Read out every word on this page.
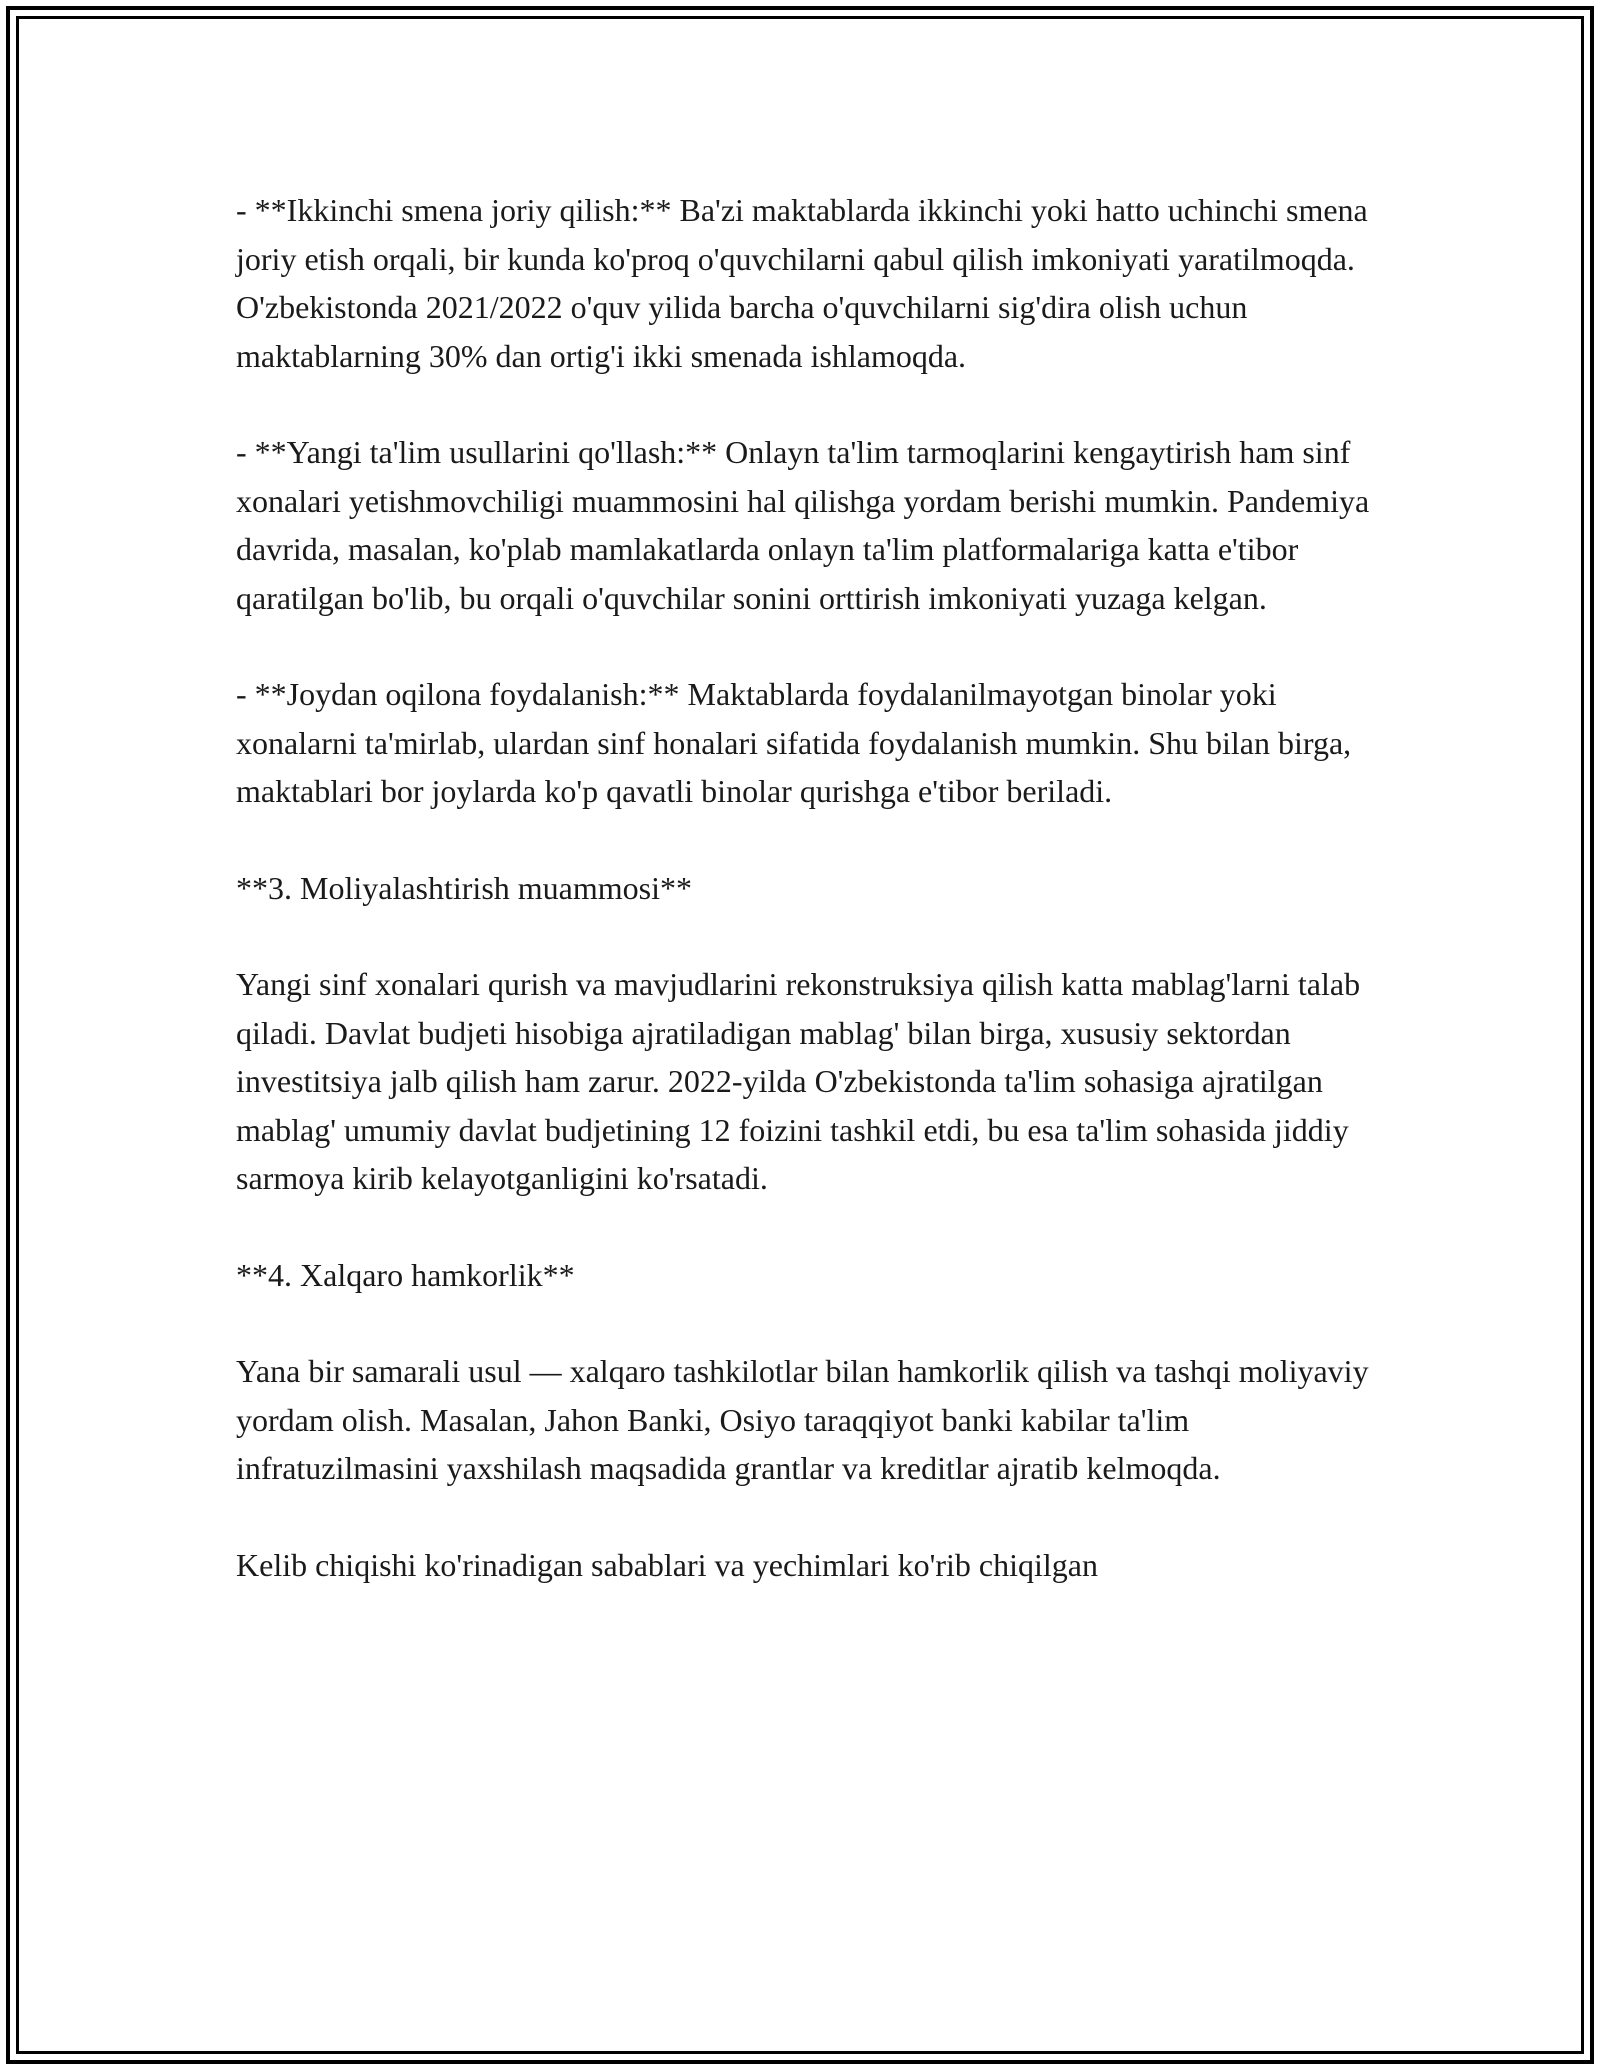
- **Ikkinchi smena joriy qilish:** Ba'zi maktablarda ikkinchi yoki hatto uchinchi smena joriy etish orqali, bir kunda ko'proq o'quvchilarni qabul qilish imkoniyati yaratilmoqda. O'zbekistonda 2021/2022 o'quv yilida barcha o'quvchilarni sig'dira olish uchun maktablarning 30% dan ortig'i ikki smenada ishlamoqda.

- **Yangi ta'lim usullarini qo'llash:** Onlayn ta'lim tarmoqlarini kengaytirish ham sinf xonalari yetishmovchiligi muammosini hal qilishga yordam berishi mumkin. Pandemiya davrida, masalan, ko'plab mamlakatlarda onlayn ta'lim platformalariga katta e'tibor qaratilgan bo'lib, bu orqali o'quvchilar sonini orttirish imkoniyati yuzaga kelgan.

- **Joydan oqilona foydalanish:** Maktablarda foydalanilmayotgan binolar yoki xonalarni ta'mirlab, ulardan sinf honalari sifatida foydalanish mumkin. Shu bilan birga, maktablari bor joylarda ko'p qavatli binolar qurishga e'tibor beriladi.

**3. Moliyalashtirish muammosi**

Yangi sinf xonalari qurish va mavjudlarini rekonstruksiya qilish katta mablag'larni talab qiladi. Davlat budjeti hisobiga ajratiladigan mablag' bilan birga, xususiy sektordan investitsiya jalb qilish ham zarur. 2022-yilda O'zbekistonda ta'lim sohasiga ajratilgan mablag' umumiy davlat budjetining 12 foizini tashkil etdi, bu esa ta'lim sohasida jiddiy sarmoya kirib kelayotganligini ko'rsatadi.

**4. Xalqaro hamkorlik**

Yana bir samarali usul — xalqaro tashkilotlar bilan hamkorlik qilish va tashqi moliyaviy yordam olish. Masalan, Jahon Banki, Osiyo taraqqiyot banki kabilar ta'lim infratuzilmasini yaxshilash maqsadida grantlar va kreditlar ajratib kelmoqda.

Kelib chiqishi ko'rinadigan sabablari va yechimlari ko'rib chiqilgan
